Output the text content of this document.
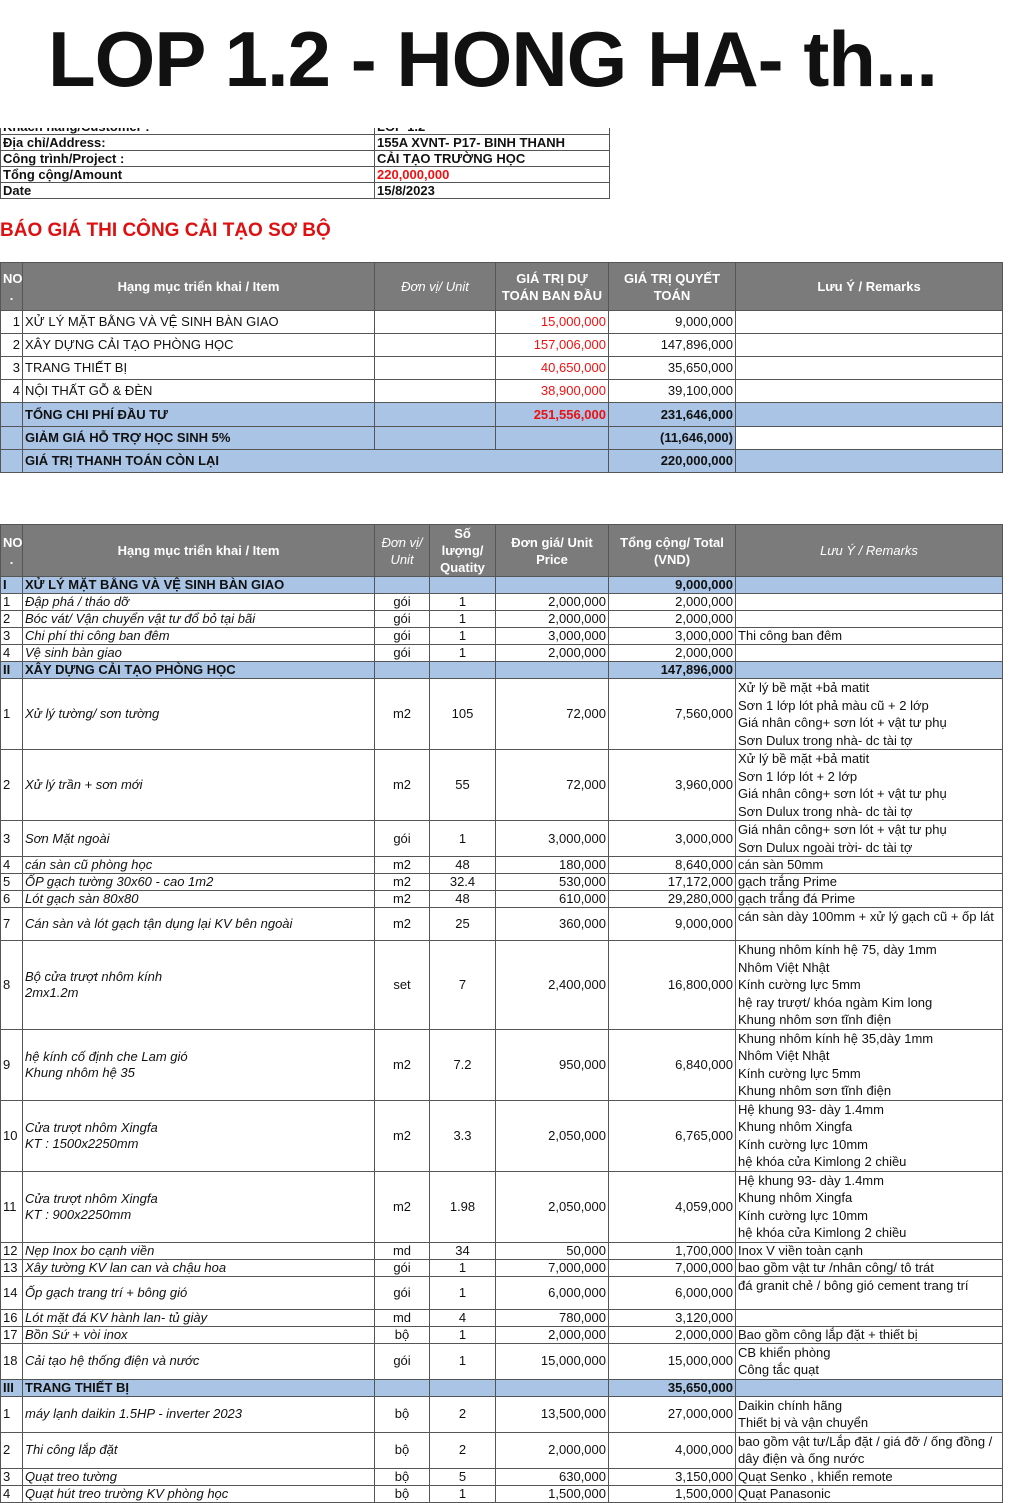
LOP 1.2 - HONG HA- th...

Địa chỉ/Address:	155A XVNT- P17- BINH THANH
Công trình/Project :	CẢI TẠO TRƯỜNG HỌC
Tổng cộng/Amount	220,000,000
Date	15/8/2023
BÁO GIÁ THI CÔNG CẢI TẠO SƠ BỘ
NO .	Hạng mục triển khai / Item	Đơn vị/ Unit	GIÁ TRỊ DỰ TOÁN BAN ĐẦU	GIÁ TRỊ QUYẾT TOÁN	Lưu Ý / Remarks
1	XỬ LÝ MẶT BẰNG VÀ VỆ SINH BÀN GIAO		15,000,000	9,000,000	
2	XÂY DỰNG CẢI TẠO PHÒNG HỌC		157,006,000	147,896,000	
3	TRANG THIẾT BỊ		40,650,000	35,650,000	
4	NỘI THẤT GỖ & ĐÈN		38,900,000	39,100,000	
	TỔNG CHI PHÍ ĐẦU TƯ		251,556,000	231,646,000	
	GIẢM GIÁ HỖ TRỢ HỌC SINH 5%			(11,646,000)	
	GIÁ TRỊ THANH TOÁN CÒN LẠI			220,000,000	
NO .	Hạng mục triển khai / Item	Đơn vị/ Unit	Số lượng/ Quatity	Đơn giá/ Unit Price	Tổng cộng/ Total (VND)	Lưu Ý / Remarks
I	XỬ LÝ MẶT BẰNG VÀ VỆ SINH BÀN GIAO				9,000,000	
1	Đập phá / tháo dỡ	gói	1	2,000,000	2,000,000	
2	Bóc vát/ Vận chuyển vật tư đổ bỏ tại bãi	gói	1	2,000,000	2,000,000	
3	Chi phí thi công ban đêm	gói	1	3,000,000	3,000,000	Thi công ban đêm
4	Vệ sinh bàn giao	gói	1	2,000,000	2,000,000	
II	XÂY DỰNG CẢI TẠO PHÒNG HỌC				147,896,000	
1	Xử lý tường/ sơn tường	m2	105	72,000	7,560,000	Xử lý bề mặt +bả matit
Sơn 1 lớp lót phả màu cũ + 2 lớp
Giá nhân công+ sơn lót + vật tư phụ
Sơn Dulux trong nhà- dc tài tợ
2	Xử lý trần + sơn mới	m2	55	72,000	3,960,000	Xử lý bề mặt +bả matit
Sơn 1 lớp lót + 2 lớp
Giá nhân công+ sơn lót + vật tư phụ
Sơn Dulux trong nhà- dc tài tợ
3	Sơn Mặt ngoài	gói	1	3,000,000	3,000,000	Giá nhân công+ sơn lót + vật tư phụ
Sơn Dulux ngoài trời- dc tài tợ
4	cán sàn cũ phòng học	m2	48	180,000	8,640,000	cán sàn 50mm
5	ỐP gạch tường 30x60 - cao 1m2	m2	32.4	530,000	17,172,000	gạch trắng Prime
6	Lót gạch sàn 80x80	m2	48	610,000	29,280,000	gạch trắng đá Prime
7	Cán sàn và lót gạch tận dụng lại KV bên ngoài	m2	25	360,000	9,000,000	cán sàn dày 100mm + xử lý gạch cũ + ốp lát
8	Bộ cửa trượt nhôm kính
2mx1.2m	set	7	2,400,000	16,800,000	Khung nhôm kính hệ 75, dày 1mm
Nhôm Việt Nhật
Kính cường lực 5mm
hệ ray trượt/ khóa ngàm Kim long
Khung nhôm sơn tĩnh điện
9	hệ kính cố định che Lam gió
Khung nhôm hệ 35	m2	7.2	950,000	6,840,000	Khung nhôm kính hệ 35,dày 1mm
Nhôm Việt Nhật
Kính cường lực 5mm
Khung nhôm sơn tĩnh điện
10	Cửa trượt nhôm Xingfa
KT : 1500x2250mm	m2	3.3	2,050,000	6,765,000	Hệ khung 93- dày 1.4mm
Khung nhôm Xingfa
Kính cường lực 10mm
hệ khóa cửa Kimlong 2 chiều
11	Cửa trượt nhôm Xingfa
KT : 900x2250mm	m2	1.98	2,050,000	4,059,000	Hệ khung 93- dày 1.4mm
Khung nhôm Xingfa
Kính cường lực 10mm
hệ khóa cửa Kimlong 2 chiều
12	Nẹp Inox bo cạnh viền	md	34	50,000	1,700,000	Inox V viền toàn cạnh
13	Xây tường KV lan can và chậu hoa	gói	1	7,000,000	7,000,000	bao gồm vật tư /nhân công/ tô trát
14	Ốp gạch trang trí + bông gió	gói	1	6,000,000	6,000,000	đá granit chẻ / bông gió cement trang trí
16	Lót mặt đá KV hành lan- tủ giày	md	4	780,000	3,120,000	
17	Bồn Sứ + vòi inox	bộ	1	2,000,000	2,000,000	Bao gồm công lắp đặt + thiết bị
18	Cải tạo hệ thống điện và nước	gói	1	15,000,000	15,000,000	CB khiển phòng
Công tắc quạt
III	TRANG THIẾT BỊ				35,650,000	
1	máy lạnh daikin 1.5HP - inverter 2023	bộ	2	13,500,000	27,000,000	Daikin chính hãng
Thiết bị và vận chuyển
2	Thi công lắp đặt	bộ	2	2,000,000	4,000,000	bao gồm vật tư/Lắp đặt / giá đỡ / ống đồng / dây điện và ống nước
3	Quạt treo tường	bộ	5	630,000	3,150,000	Quạt Senko , khiển remote
4	Quạt hút treo trường KV phòng học	bộ	1	1,500,000	1,500,000	Quạt Panasonic
